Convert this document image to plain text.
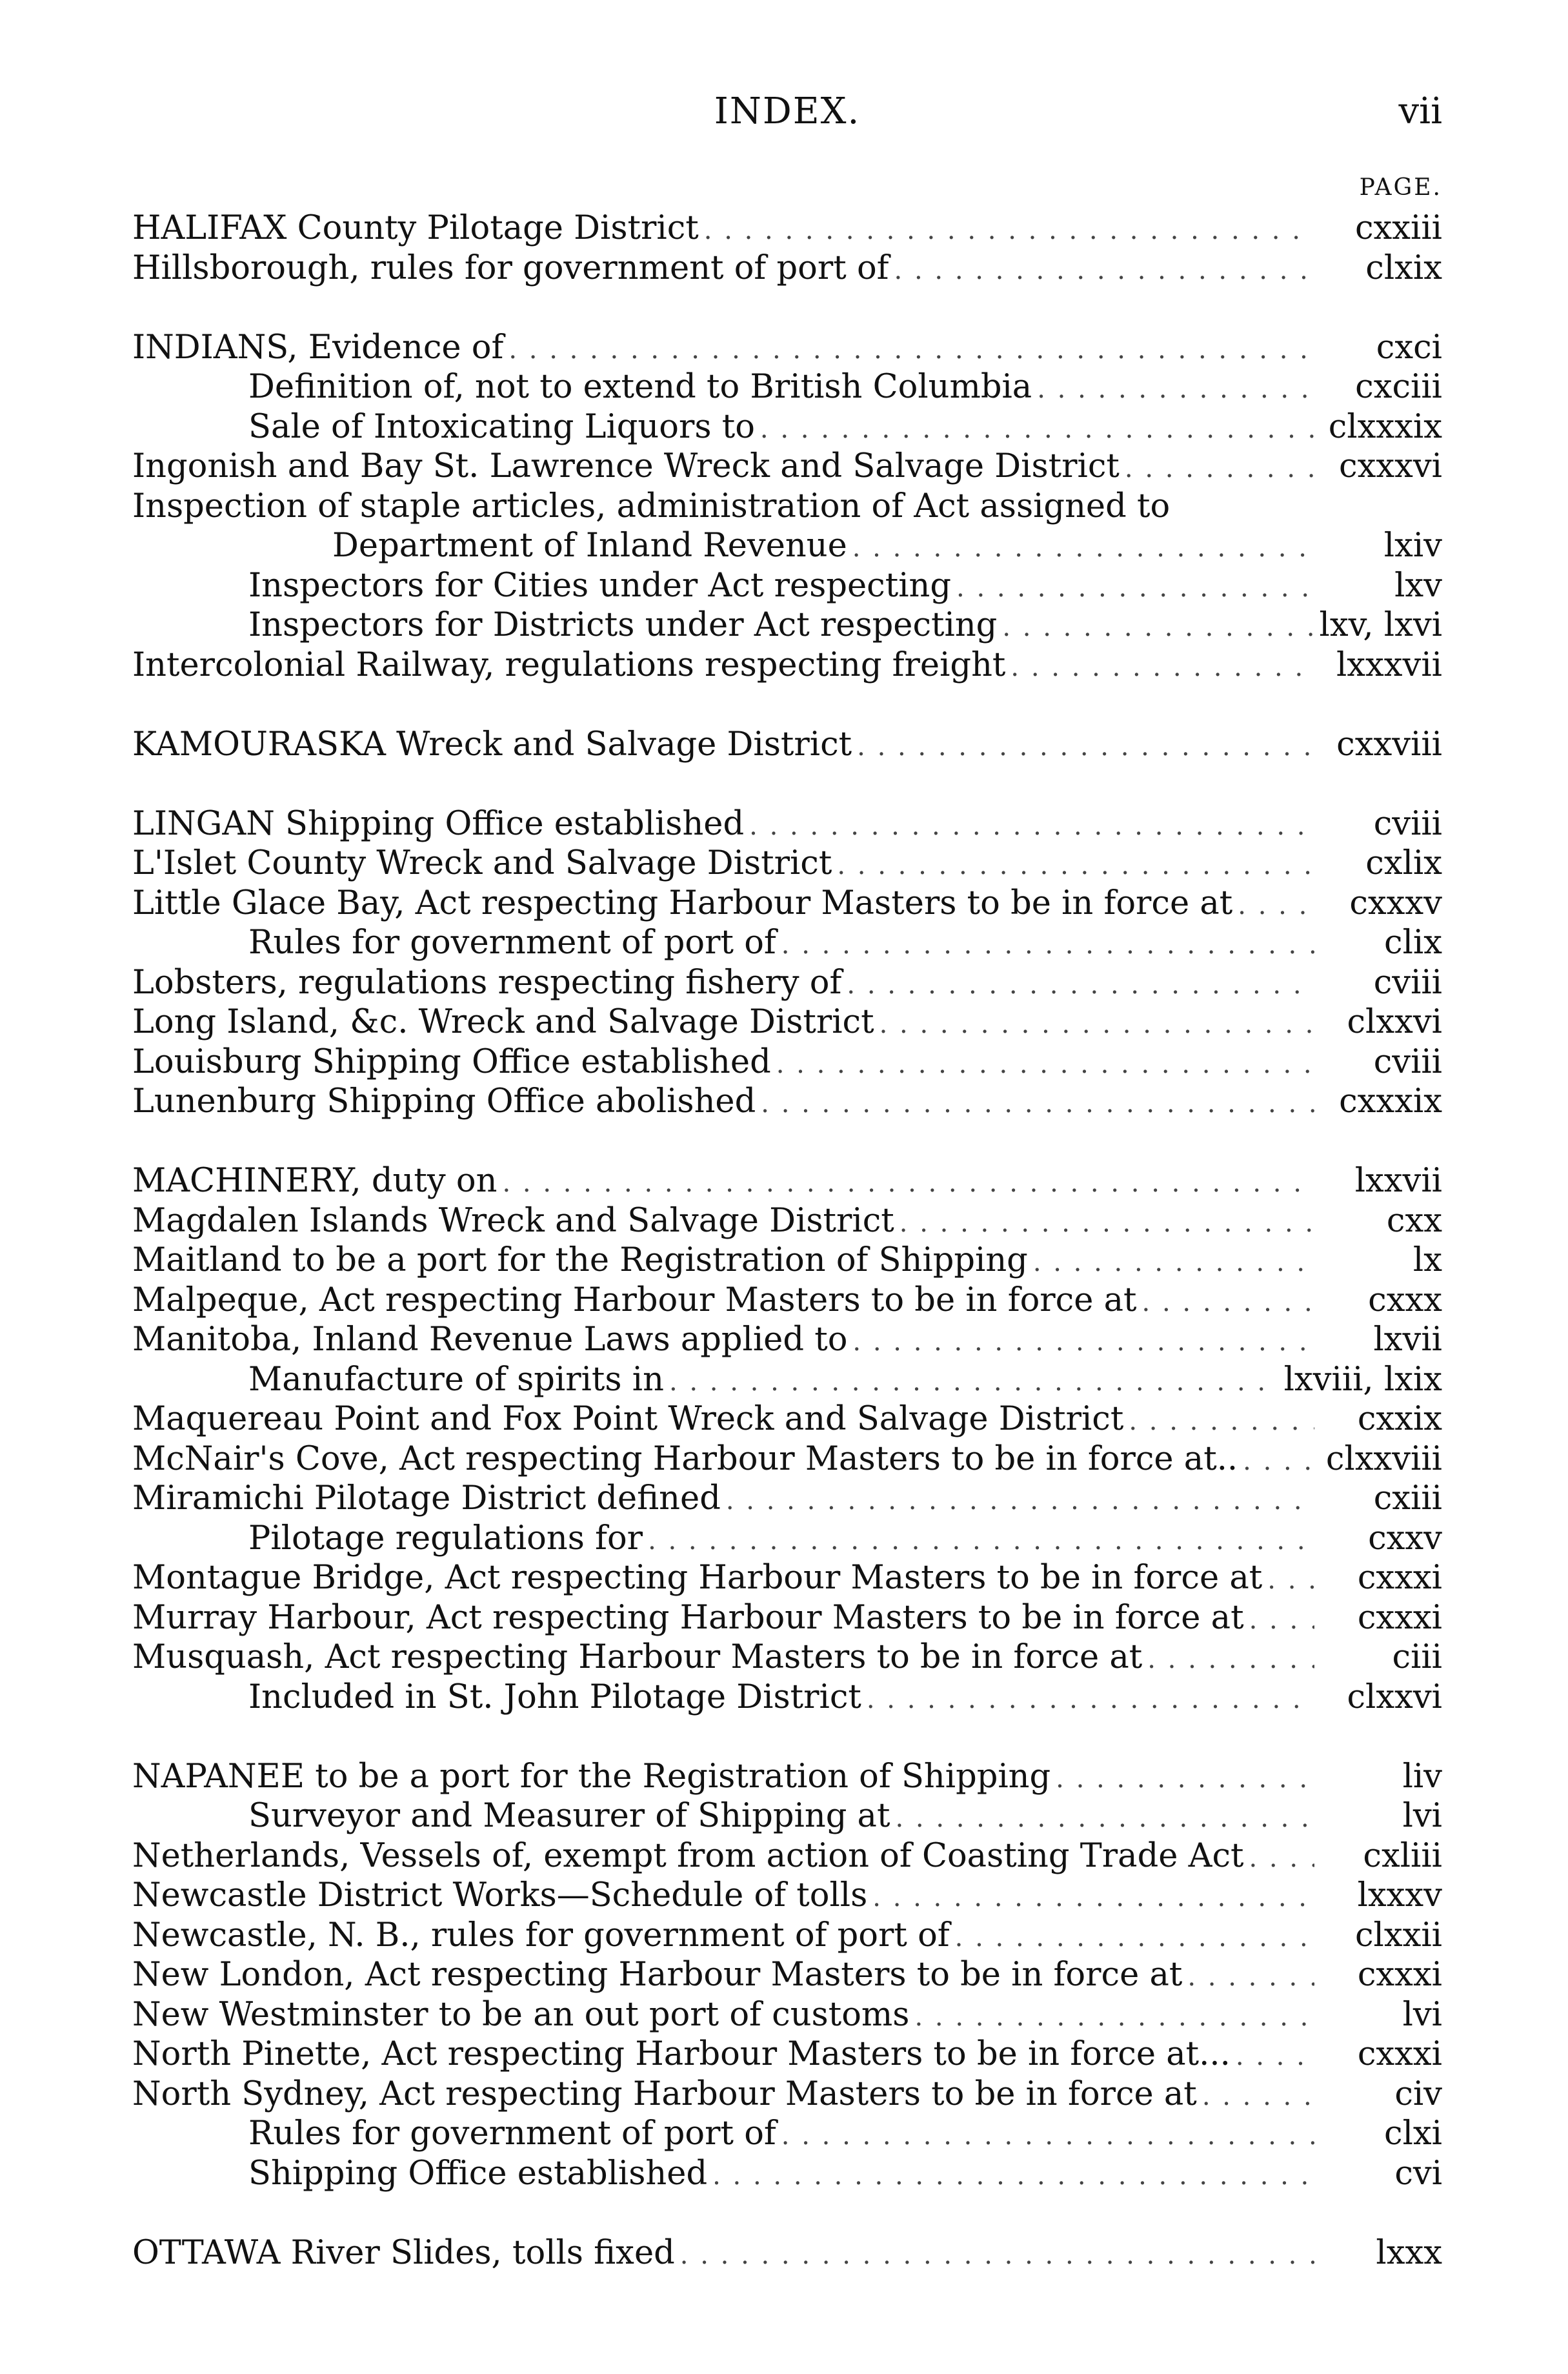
INDEX.	vii
PAGE.
HALIFAX County Pilotage District . . .	cxxiii
Hillsborough, rules for government of port of . . .	clxix
INDIANS, Evidence of . . .	cxci
Definition of, not to extend to British Columbia . . .	cxciii
Sale of Intoxicating Liquors to . . .	clxxxix
Ingonish and Bay St. Lawrence Wreck and Salvage District . . .	cxxxvi
Inspection of staple articles, administration of Act assigned to
Department of Inland Revenue . . .	lxiv
Inspectors for Cities under Act respecting . . .	lxv
Inspectors for Districts under Act respecting . . .	lxv, lxvi
Intercolonial Railway, regulations respecting freight . . .	lxxxvii
KAMOURASKA Wreck and Salvage District . . .	cxxviii
LINGAN Shipping Office established . . .	cviii
L'Islet County Wreck and Salvage District . . .	cxlix
Little Glace Bay, Act respecting Harbour Masters to be in force at . . .	cxxxv
Rules for government of port of . . .	clix
Lobsters, regulations respecting fishery of . . .	cviii
Long Island, &c. Wreck and Salvage District . . .	clxxvi
Louisburg Shipping Office established . . .	cviii
Lunenburg Shipping Office abolished . . .	cxxxix
MACHINERY, duty on . . .	lxxvii
Magdalen Islands Wreck and Salvage District . . .	cxx
Maitland to be a port for the Registration of Shipping . . .	lx
Malpeque, Act respecting Harbour Masters to be in force at . . .	cxxx
Manitoba, Inland Revenue Laws applied to . . .	lxvii
Manufacture of spirits in . . .	lxviii, lxix
Maquereau Point and Fox Point Wreck and Salvage District . . .	cxxix
McNair's Cove, Act respecting Harbour Masters to be in force at.. . . .	clxxviii
Miramichi Pilotage District defined . . .	cxiii
Pilotage regulations for . . .	cxxv
Montague Bridge, Act respecting Harbour Masters to be in force at . . .	cxxxi
Murray Harbour, Act respecting Harbour Masters to be in force at . . .	cxxxi
Musquash, Act respecting Harbour Masters to be in force at . . .	ciii
Included in St. John Pilotage District . . .	clxxvi
NAPANEE to be a port for the Registration of Shipping . . .	liv
Surveyor and Measurer of Shipping at . . .	lvi
Netherlands, Vessels of, exempt from action of Coasting Trade Act . . .	cxliii
Newcastle District Works—Schedule of tolls . . .	lxxxv
Newcastle, N. B., rules for government of port of . . .	clxxii
New London, Act respecting Harbour Masters to be in force at . . .	cxxxi
New Westminster to be an out port of customs . . .	lvi
North Pinette, Act respecting Harbour Masters to be in force at... . . .	cxxxi
North Sydney, Act respecting Harbour Masters to be in force at . . .	civ
Rules for government of port of . . .	clxi
Shipping Office established . . .	cvi
OTTAWA River Slides, tolls fixed . . .	lxxx
